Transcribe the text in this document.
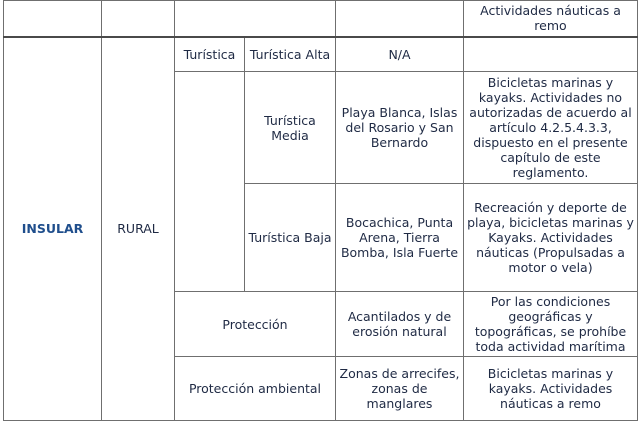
					Actividades náuticas a remo
INSULAR	RURAL	Turística	Turística Alta	N/A	
			Turística Media	Playa Blanca, Islas del Rosario y San Bernardo	Bicicletas marinas y kayaks. Actividades no autorizadas de acuerdo al artículo 4.2.5.4.3.3, dispuesto en el presente capítulo de este reglamento.
			Turística Baja	Bocachica, Punta Arena, Tierra Bomba, Isla Fuerte	Recreación y deporte de playa, bicicletas marinas y Kayaks. Actividades náuticas (Propulsadas a motor o vela)
		Protección		Acantilados y de erosión natural	Por las condiciones geográficas y topográficas, se prohíbe toda actividad marítima
		Protección ambiental		Zonas de arrecifes, zonas de manglares	Bicicletas marinas y kayaks. Actividades náuticas a remo
